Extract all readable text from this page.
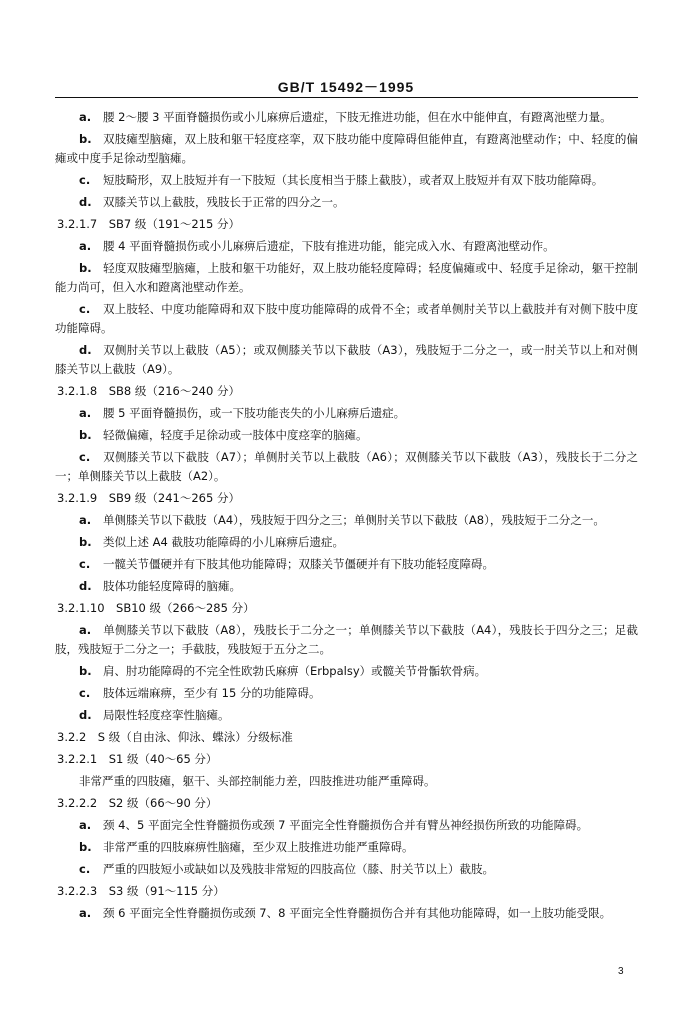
GB/T 15492－1995

a. 腰 2～腰 3 平面脊髓损伤或小儿麻痹后遗症，下肢无推进功能，但在水中能伸直，有蹬离池壁力量。

b. 双肢瘫型脑瘫，双上肢和躯干轻度痉挛，双下肢功能中度障碍但能伸直，有蹬离池壁动作；中、轻度的偏瘫或中度手足徐动型脑瘫。

c. 短肢畸形，双上肢短并有一下肢短（其长度相当于膝上截肢），或者双上肢短并有双下肢功能障碍。

d. 双膝关节以上截肢，残肢长于正常的四分之一。

3.2.1.7　SB7 级（191～215 分）

a. 腰 4 平面脊髓损伤或小儿麻痹后遗症，下肢有推进功能，能完成入水、有蹬离池壁动作。

b. 轻度双肢瘫型脑瘫，上肢和躯干功能好，双上肢功能轻度障碍；轻度偏瘫或中、轻度手足徐动，躯干控制能力尚可，但入水和蹬离池壁动作差。

c. 双上肢轻、中度功能障碍和双下肢中度功能障碍的成骨不全；或者单侧肘关节以上截肢并有对侧下肢中度功能障碍。

d. 双侧肘关节以上截肢（A5）；或双侧膝关节以下截肢（A3），残肢短于二分之一，或一肘关节以上和对侧膝关节以上截肢（A9）。

3.2.1.8　SB8 级（216～240 分）

a. 腰 5 平面脊髓损伤，或一下肢功能丧失的小儿麻痹后遗症。

b. 轻微偏瘫，轻度手足徐动或一肢体中度痉挛的脑瘫。

c. 双侧膝关节以下截肢（A7）；单侧肘关节以上截肢（A6）；双侧膝关节以下截肢（A3），残肢长于二分之一；单侧膝关节以上截肢（A2）。

3.2.1.9　SB9 级（241～265 分）

a. 单侧膝关节以下截肢（A4），残肢短于四分之三；单侧肘关节以下截肢（A8），残肢短于二分之一。

b. 类似上述 A4 截肢功能障碍的小儿麻痹后遗症。

c. 一髋关节僵硬并有下肢其他功能障碍；双膝关节僵硬并有下肢功能轻度障碍。

d. 肢体功能轻度障碍的脑瘫。

3.2.1.10　SB10 级（266～285 分）

a. 单侧膝关节以下截肢（A8），残肢长于二分之一；单侧膝关节以下截肢（A4），残肢长于四分之三；足截肢，残肢短于二分之一；手截肢，残肢短于五分之二。

b. 肩、肘功能障碍的不完全性欧勃氏麻痹（Erbpalsy）或髋关节骨骺软骨病。

c. 肢体远端麻痹，至少有 15 分的功能障碍。

d. 局限性轻度痉挛性脑瘫。

3.2.2　S 级（自由泳、仰泳、蝶泳）分级标准

3.2.2.1　S1 级（40～65 分）

非常严重的四肢瘫，躯干、头部控制能力差，四肢推进功能严重障碍。

3.2.2.2　S2 级（66～90 分）

a. 颈 4、5 平面完全性脊髓损伤或颈 7 平面完全性脊髓损伤合并有臂丛神经损伤所致的功能障碍。

b. 非常严重的四肢麻痹性脑瘫，至少双上肢推进功能严重障碍。

c. 严重的四肢短小或缺如以及残肢非常短的四肢高位（膝、肘关节以上）截肢。

3.2.2.3　S3 级（91～115 分）

a. 颈 6 平面完全性脊髓损伤或颈 7、8 平面完全性脊髓损伤合并有其他功能障碍，如一上肢功能受限。

3
